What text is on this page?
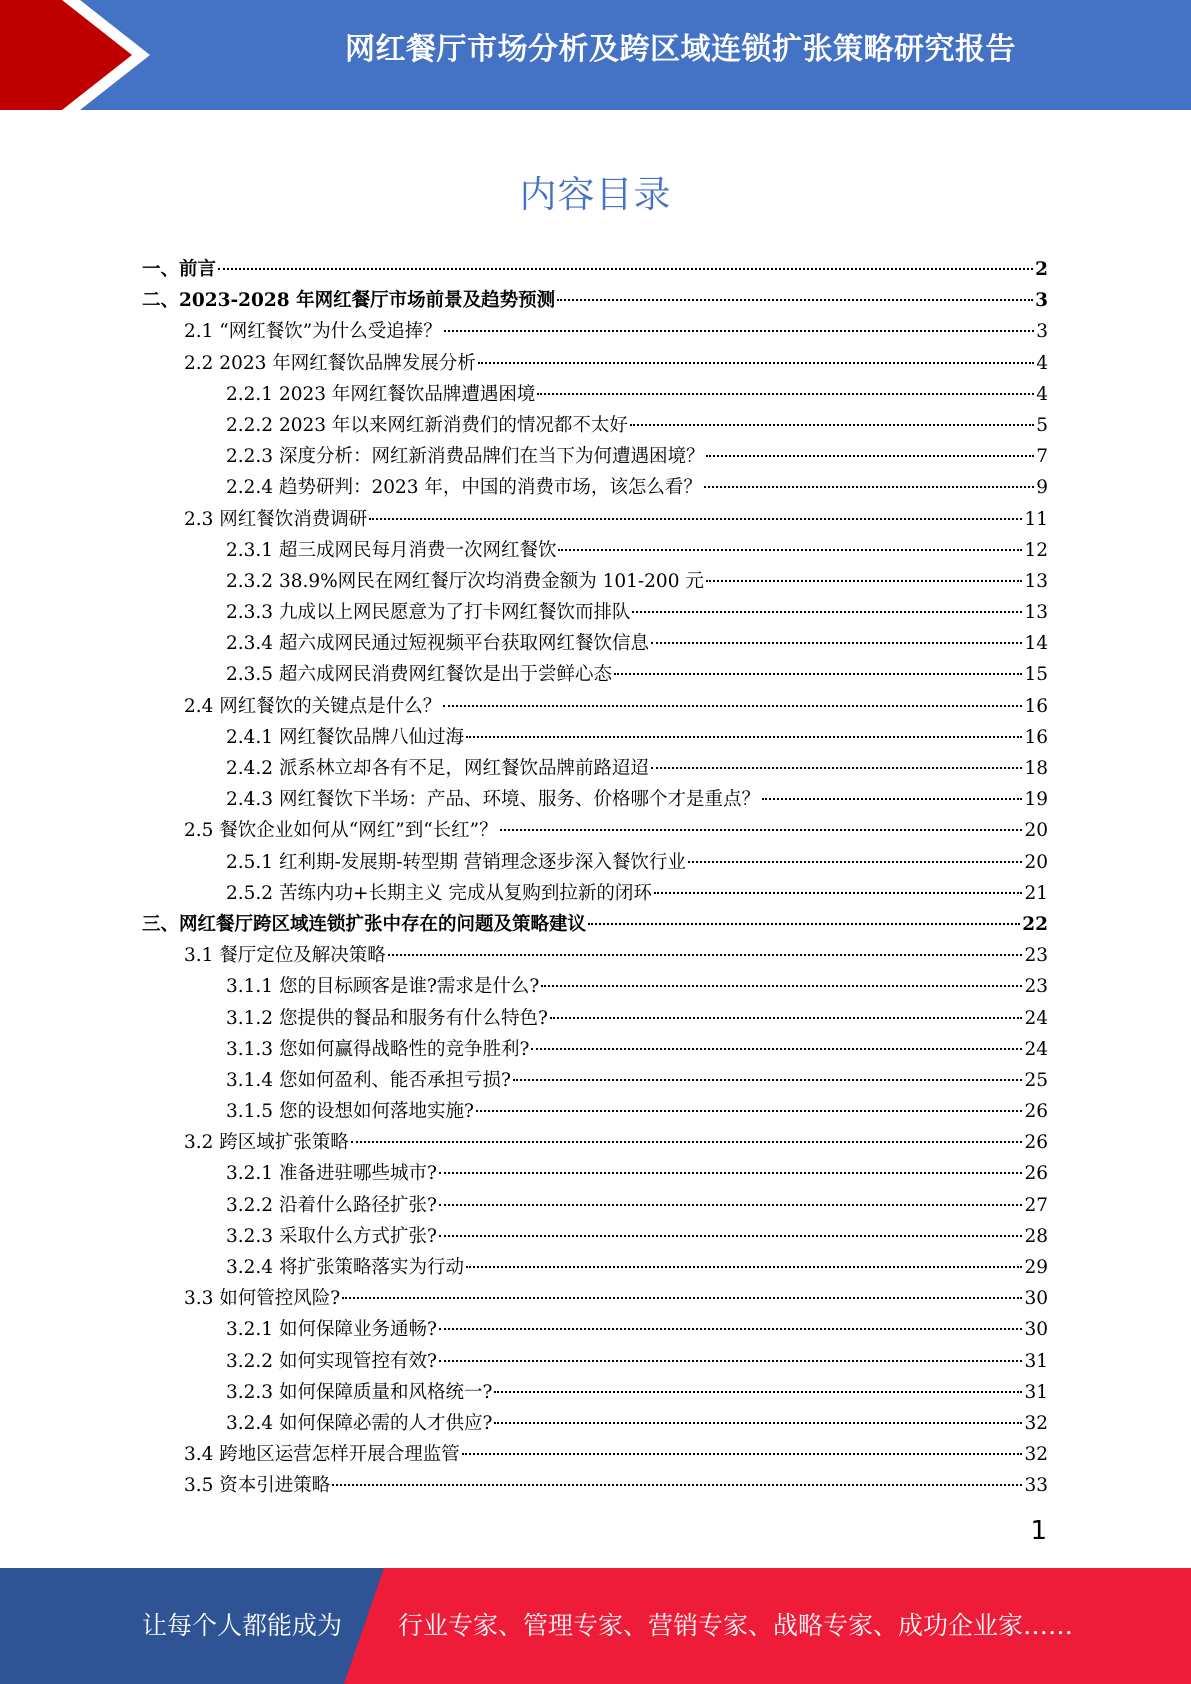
网红餐厅市场分析及跨区域连锁扩张策略研究报告
内容目录
一、前言	2
二、2023-2028 年网红餐厅市场前景及趋势预测	3
2.1 “网红餐饮”为什么受追捧？	3
2.2 2023 年网红餐饮品牌发展分析	4
2.2.1 2023 年网红餐饮品牌遭遇困境	4
2.2.2 2023 年以来网红新消费们的情况都不太好	5
2.2.3 深度分析：网红新消费品牌们在当下为何遭遇困境？	7
2.2.4 趋势研判：2023 年，中国的消费市场，该怎么看？	9
2.3 网红餐饮消费调研	11
2.3.1 超三成网民每月消费一次网红餐饮	12
2.3.2 38.9%网民在网红餐厅次均消费金额为 101-200 元	13
2.3.3 九成以上网民愿意为了打卡网红餐饮而排队	13
2.3.4 超六成网民通过短视频平台获取网红餐饮信息	14
2.3.5 超六成网民消费网红餐饮是出于尝鲜心态	15
2.4 网红餐饮的关键点是什么？	16
2.4.1 网红餐饮品牌八仙过海	16
2.4.2 派系林立却各有不足，网红餐饮品牌前路迢迢	18
2.4.3 网红餐饮下半场：产品、环境、服务、价格哪个才是重点？	19
2.5 餐饮企业如何从“网红”到“长红”？	20
2.5.1 红利期-发展期-转型期 营销理念逐步深入餐饮行业	20
2.5.2 苦练内功+长期主义 完成从复购到拉新的闭环	21
三、网红餐厅跨区域连锁扩张中存在的问题及策略建议	22
3.1 餐厅定位及解决策略	23
3.1.1 您的目标顾客是谁?需求是什么?	23
3.1.2 您提供的餐品和服务有什么特色?	24
3.1.3 您如何赢得战略性的竞争胜利?	24
3.1.4 您如何盈利、能否承担亏损?	25
3.1.5 您的设想如何落地实施?	26
3.2 跨区域扩张策略	26
3.2.1 准备进驻哪些城市?	26
3.2.2 沿着什么路径扩张?	27
3.2.3 采取什么方式扩张?	28
3.2.4 将扩张策略落实为行动	29
3.3 如何管控风险?	30
3.2.1 如何保障业务通畅?	30
3.2.2 如何实现管控有效?	31
3.2.3 如何保障质量和风格统一?	31
3.2.4 如何保障必需的人才供应?	32
3.4 跨地区运营怎样开展合理监管	32
3.5 资本引进策略	33
1
让每个人都能成为 行业专家、管理专家、营销专家、战略专家、成功企业家……
